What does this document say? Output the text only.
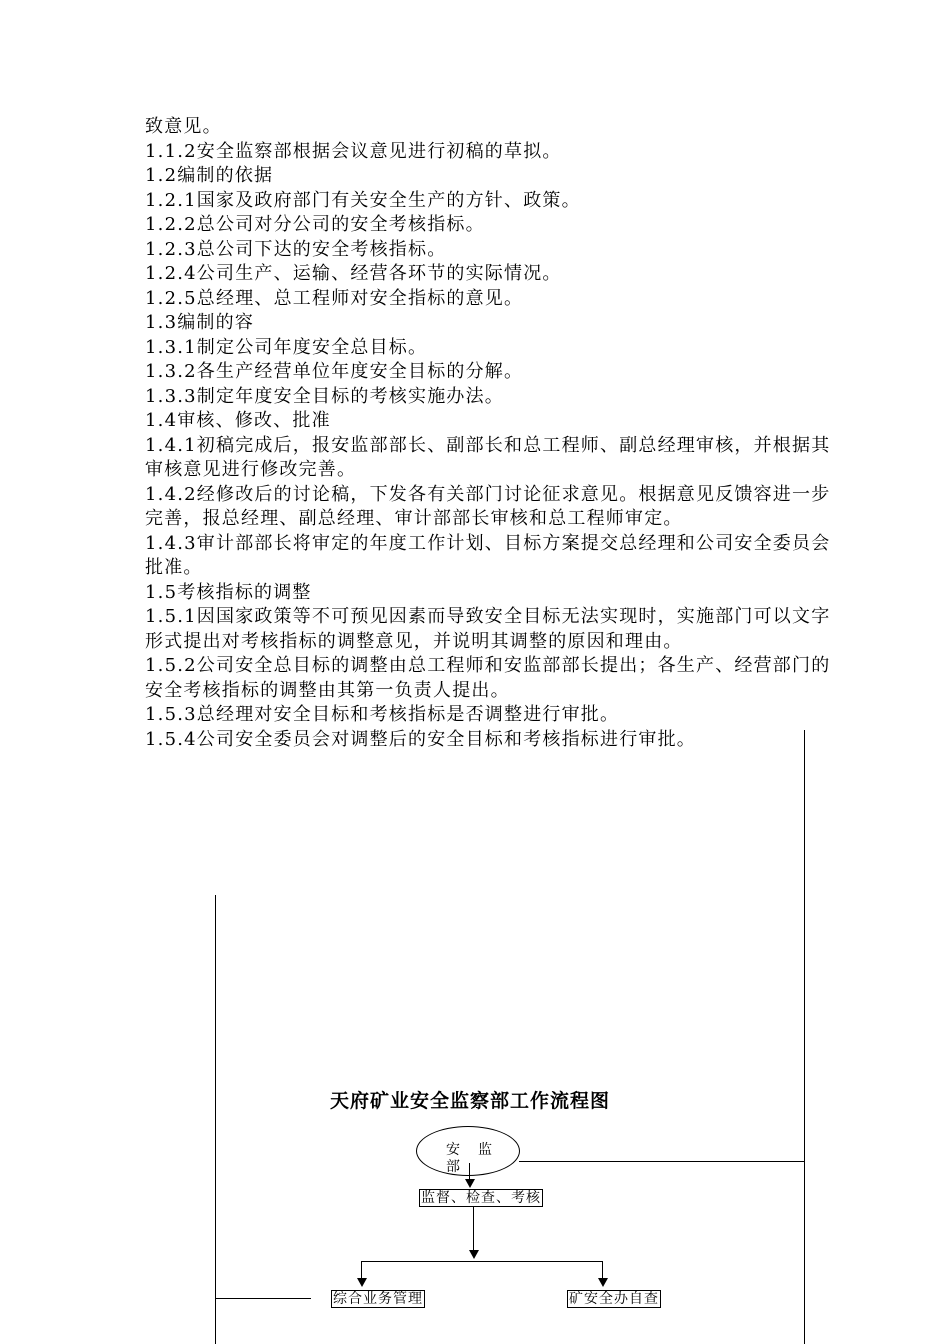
致意见。

1.1.2安全监察部根据会议意见进行初稿的草拟。

1.2编制的依据

1.2.1国家及政府部门有关安全生产的方针、政策。

1.2.2总公司对分公司的安全考核指标。

1.2.3总公司下达的安全考核指标。

1.2.4公司生产、运输、经营各环节的实际情况。

1.2.5总经理、总工程师对安全指标的意见。

1.3编制的容

1.3.1制定公司年度安全总目标。

1.3.2各生产经营单位年度安全目标的分解。

1.3.3制定年度安全目标的考核实施办法。

1.4审核、修改、批准

1.4.1初稿完成后，报安监部部长、副部长和总工程师、副总经理审核，并根据其审核意见进行修改完善。

1.4.2经修改后的讨论稿，下发各有关部门讨论征求意见。根据意见反馈容进一步完善，报总经理、副总经理、审计部部长审核和总工程师审定。

1.4.3审计部部长将审定的年度工作计划、目标方案提交总经理和公司安全委员会批准。

1.5考核指标的调整

1.5.1因国家政策等不可预见因素而导致安全目标无法实现时，实施部门可以文字形式提出对考核指标的调整意见，并说明其调整的原因和理由。

1.5.2公司安全总目标的调整由总工程师和安监部部长提出；各生产、经营部门的安全考核指标的调整由其第一负责人提出。

1.5.3总经理对安全目标和考核指标是否调整进行审批。

1.5.4公司安全委员会对调整后的安全目标和考核指标进行审批。

天府矿业安全监察部工作流程图
安 监
部
监督、检查、考核
综合业务管理	矿安全办自查
